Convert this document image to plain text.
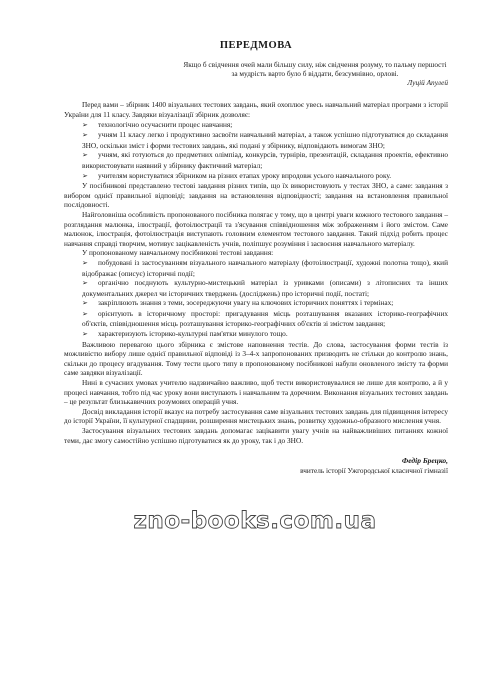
ПЕРЕДМОВА
Якщо б свідчення очей мали більшу силу, ніж свідчення розуму, то пальму першості за мудрість варто було б віддати, безсумнівно, орлові.
Луцій Апулей

Перед вами – збірник 1400 візуальних тестових завдань, який охоплює увесь навчальний матеріал програми з історії України для 11 класу. Завдяки візуалізації збірник дозволяє:

➢ технологічно осучаснити процес навчання;

➢ учням 11 класу легко і продуктивно засвоїти навчальний матеріал, а також успішно підготуватися до складання ЗНО, оскільки зміст і форми тестових завдань, які подані у збірнику, відповідають вимогам ЗНО;

➢ учням, які готуються до предметних олімпіад, конкурсів, турнірів, презентацій, складання проектів, ефективно використовувати наявний у збірнику фактичний матеріал;

➢ учителям користуватися збірником на різних етапах уроку впродовж усього навчального року.

У посібникові представлено тестові завдання різних типів, що їх використовують у тестах ЗНО, а саме: завдання з вибором однієї правильної відповіді; завдання на встановлення відповідності; завдання на встановлення правильної послідовності.

Найголовніша особливість пропонованого посібника полягає у тому, що в центрі уваги кожного тестового завдання – розглядання малюнка, ілюстрації, фотоілюстрації та з'ясування співвідношення між зображенням і його змістом. Саме малюнок, ілюстрація, фотоілюстрація виступають головним елементом тестового завдання. Такий підхід робить процес навчання справді творчим, мотивує зацікавленість учнів, поліпшує розуміння і засвоєння навчального матеріалу.

У пропонованому навчальному посібникові тестові завдання:

➢ побудовані із застосуванням візуального навчального матеріалу (фотоілюстрації, художні полотна тощо), який відображає (описує) історичні події;

➢ органічно поєднують культурно-мистецький матеріал із уривками (описами) з літописних та інших документальних джерел чи історичних тверджень (досліджень) про історичні події, постаті;

➢ закріплюють знання з теми, зосереджуючи увагу на ключових історичних поняттях і термінах;

➢ орієнтують в історичному просторі: пригадування місць розташування вказаних історико-географічних об'єктів, співвідношення місць розташування історико-географічних об'єктів зі змістом завдання;

➢ характеризують історико-культурні пам'ятки минулого тощо.

Важливою перевагою цього збірника є змістове наповнення тестів. До слова, застосування форми тестів із можливістю вибору лише однієї правильної відповіді із 3–4-х запропонованих призводить не стільки до контролю знань, скільки до процесу вгадування. Тому тести цього типу в пропонованому посібникові набули оновленого змісту та форми саме завдяки візуалізації.

Нині в сучасних умовах учителю надзвичайно важливо, щоб тести використовувалися не лише для контролю, а й у процесі навчання, тобто під час уроку вони виступають і навчальним та доречним. Виконання візуальних тестових завдань – це результат близькавичних розумових операцій учня.

Досвід викладання історії вказує на потребу застосування саме візуальних тестових завдань для підвищення інтересу до історії України, її культурної спадщини, розширення мистецьких знань, розвитку художньо-образного мислення учня.

Застосування візуальних тестових завдань допомагає зацікавити увагу учнів на найважливіших питаннях кожної теми, дає змогу самостійно успішно підготуватися як до уроку, так і до ЗНО.

Федір Брецко,
вчитель історії Ужгородської класичної гімназії
zno-books.com.ua
